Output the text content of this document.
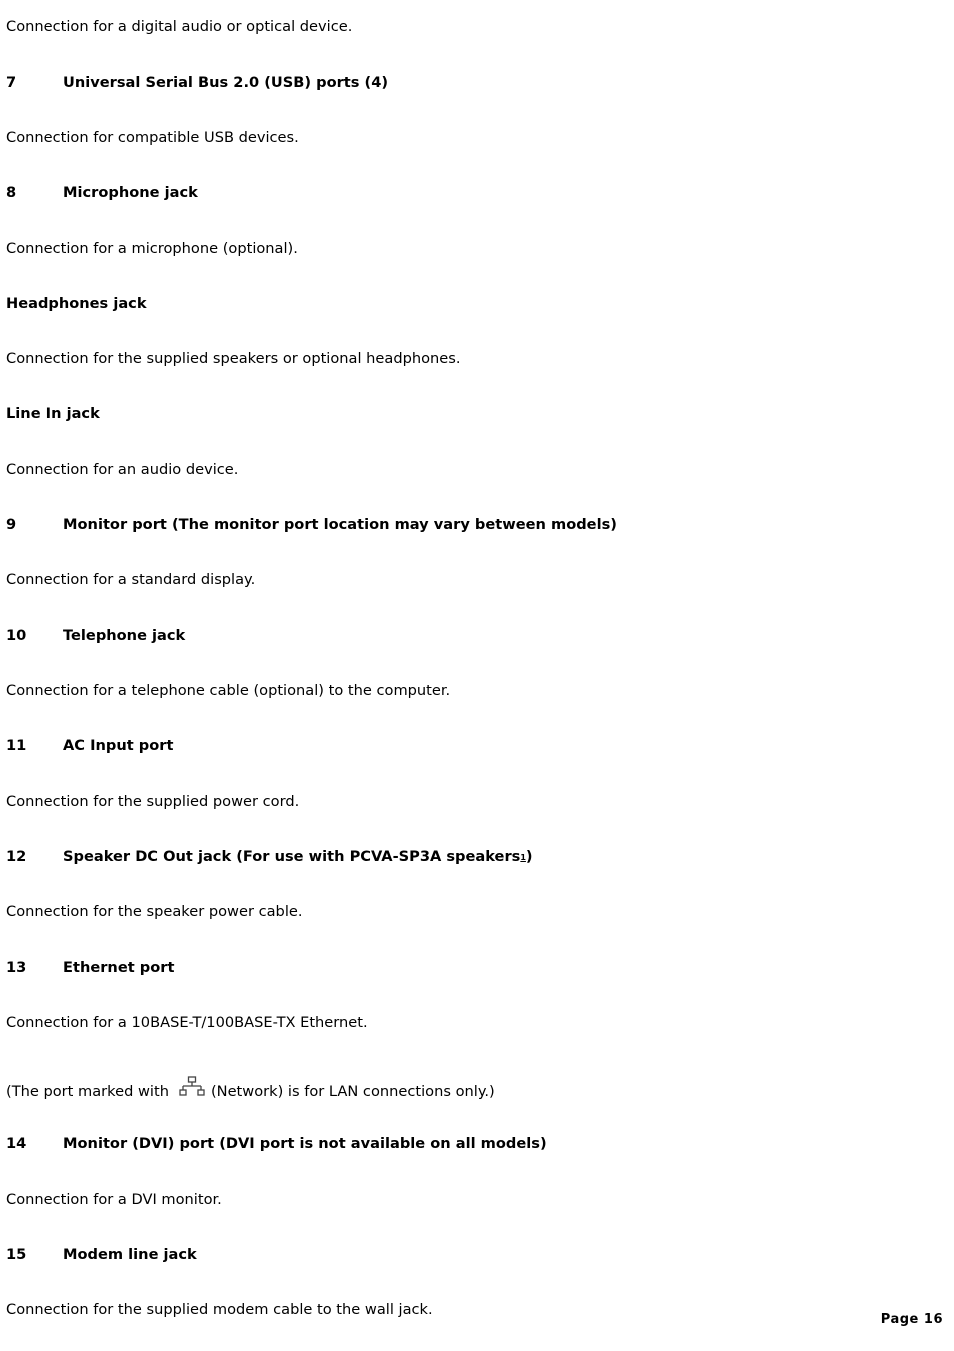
Connection for a digital audio or optical device.
7	Universal Serial Bus 2.0 (USB) ports (4)
Connection for compatible USB devices.
8	Microphone jack
Connection for a microphone (optional).
Headphones jack
Connection for the supplied speakers or optional headphones.
Line In jack
Connection for an audio device.
9	Monitor port (The monitor port location may vary between models)
Connection for a standard display.
10	Telephone jack
Connection for a telephone cable (optional) to the computer.
11	AC Input port
Connection for the supplied power cord.
12	Speaker DC Out jack (For use with PCVA-SP3A speakers1)
Connection for the speaker power cable.
13	Ethernet port
Connection for a 10BASE-T/100BASE-TX Ethernet.
(The port marked with	(Network) is for LAN connections only.)
14	Monitor (DVI) port (DVI port is not available on all models)
Connection for a DVI monitor.
15	Modem line jack
Connection for the supplied modem cable to the wall jack.
Page 16
